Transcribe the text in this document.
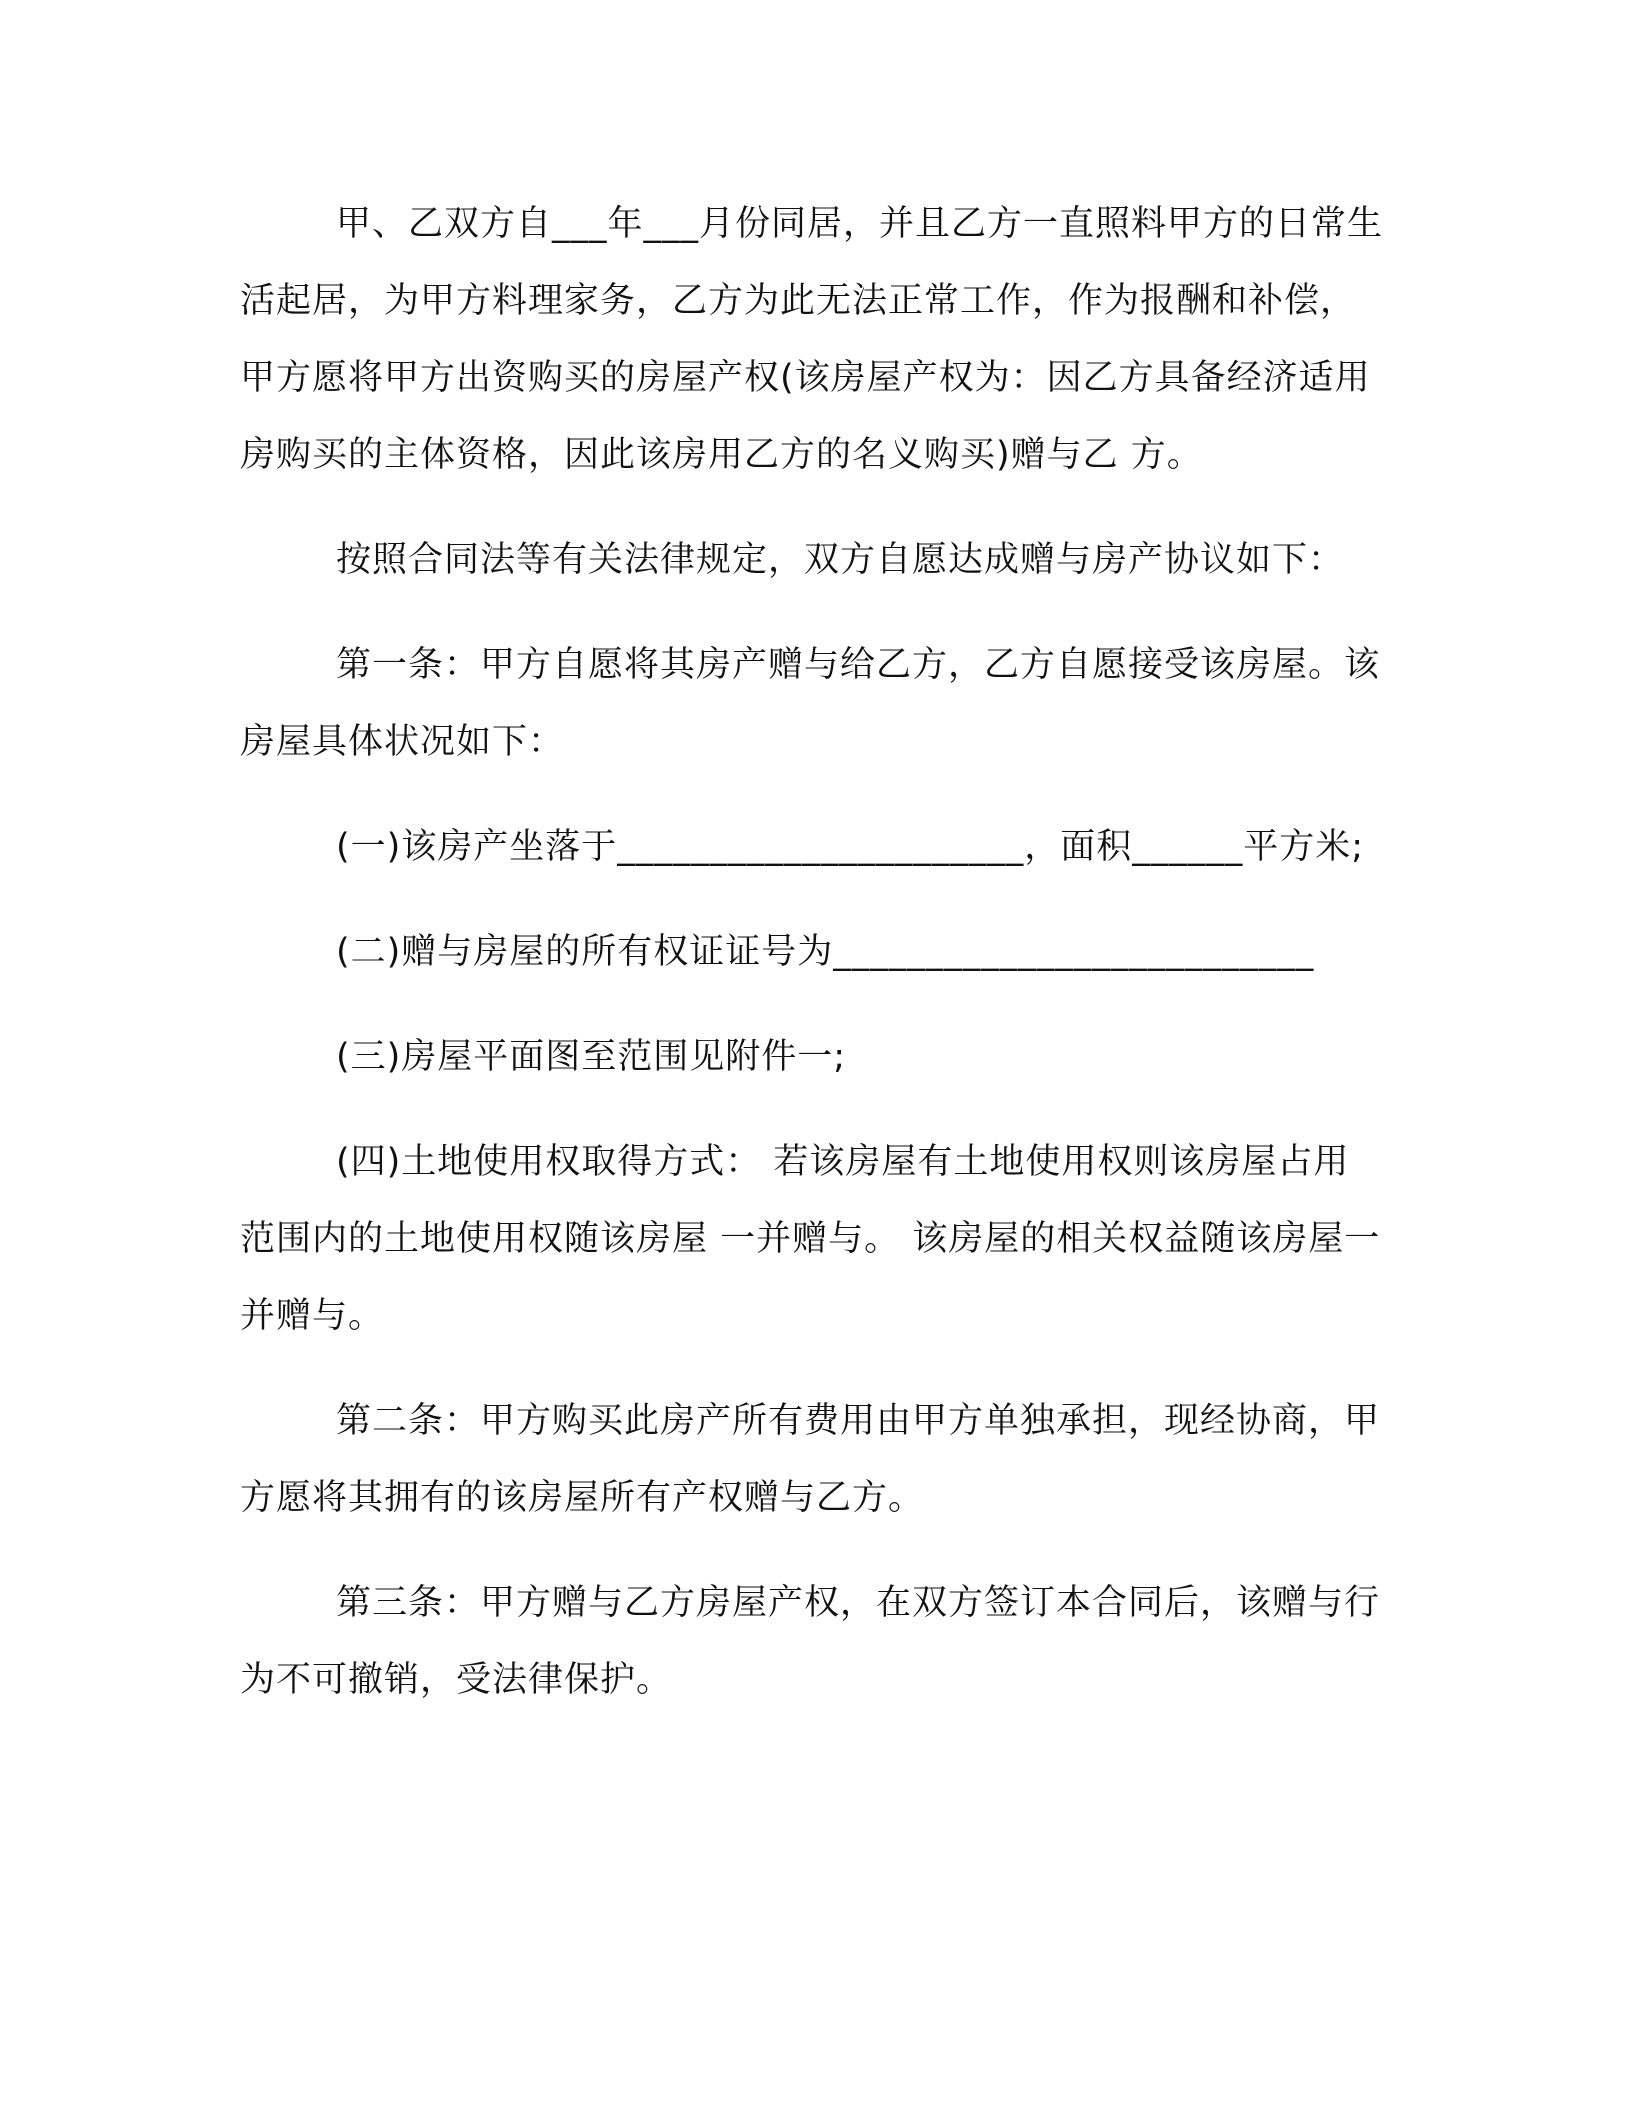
甲、乙双方自___年___月份同居，并且乙方一直照料甲方的日常生活起居，为甲方料理家务，乙方为此无法正常工作，作为报酬和补偿，甲方愿将甲方出资购买的房屋产权(该房屋产权为：因乙方具备经济适用房购买的主体资格，因此该房用乙方的名义购买)赠与乙 方。

按照合同法等有关法律规定，双方自愿达成赠与房产协议如下：

第一条：甲方自愿将其房产赠与给乙方，乙方自愿接受该房屋。该房屋具体状况如下：

(一)该房产坐落于______________________，面积______平方米;

(二)赠与房屋的所有权证证号为__________________________

(三)房屋平面图至范围见附件一;

(四)土地使用权取得方式： 若该房屋有土地使用权则该房屋占用范围内的土地使用权随该房屋 一并赠与。 该房屋的相关权益随该房屋一并赠与。

第二条：甲方购买此房产所有费用由甲方单独承担，现经协商，甲方愿将其拥有的该房屋所有产权赠与乙方。

第三条：甲方赠与乙方房屋产权，在双方签订本合同后，该赠与行为不可撤销，受法律保护。
